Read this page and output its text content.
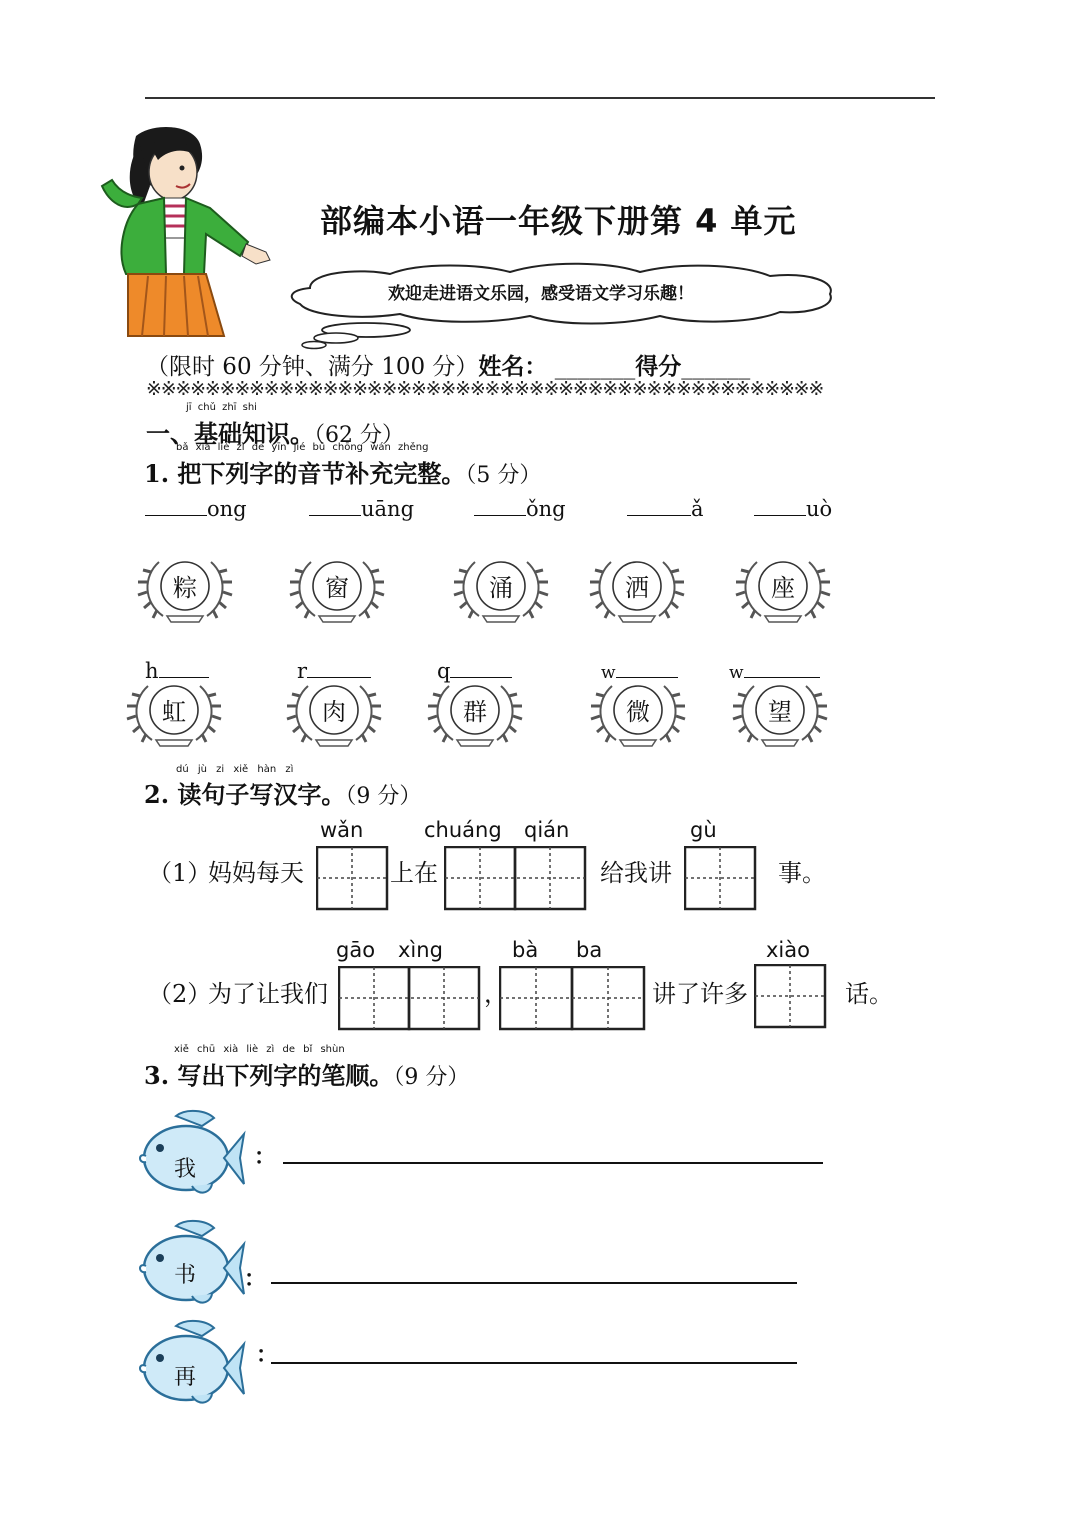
部编本小语一年级下册第 4 单元
欢迎走进语文乐园，感受语文学习乐趣！
（限时 60 分钟、满分 100 分）姓名： _______得分______
※※※※※※※※※※※※※※※※※※※※※※※※※※※※※※※※※※※※※※※※※※※※※※
jī chǔ zhī shi
一、基础知识。（62 分）
bǎ xià liè zì de yīn jié bǔ chōng wán zhěng
1. 把下列字的音节补充完整。（5 分）
ong	uāng	ǒng	ǎ	uò
粽	窗	涌	洒	座
h	r	q	w	w
虹	肉	群	微	望
dú jù zi xiě hàn zì
2. 读句子写汉字。（9 分）
wǎn	chuáng qián	gù
（1）
妈妈每天	上在	给我讲	事。
gāo xìng	bà ba	xiào
（2）
为了让我们	，	讲了许多	话。
xiě chū xià liè zì de bǐ shùn
3. 写出下列字的笔顺。（9 分）
我	：
书 ：
再
：
